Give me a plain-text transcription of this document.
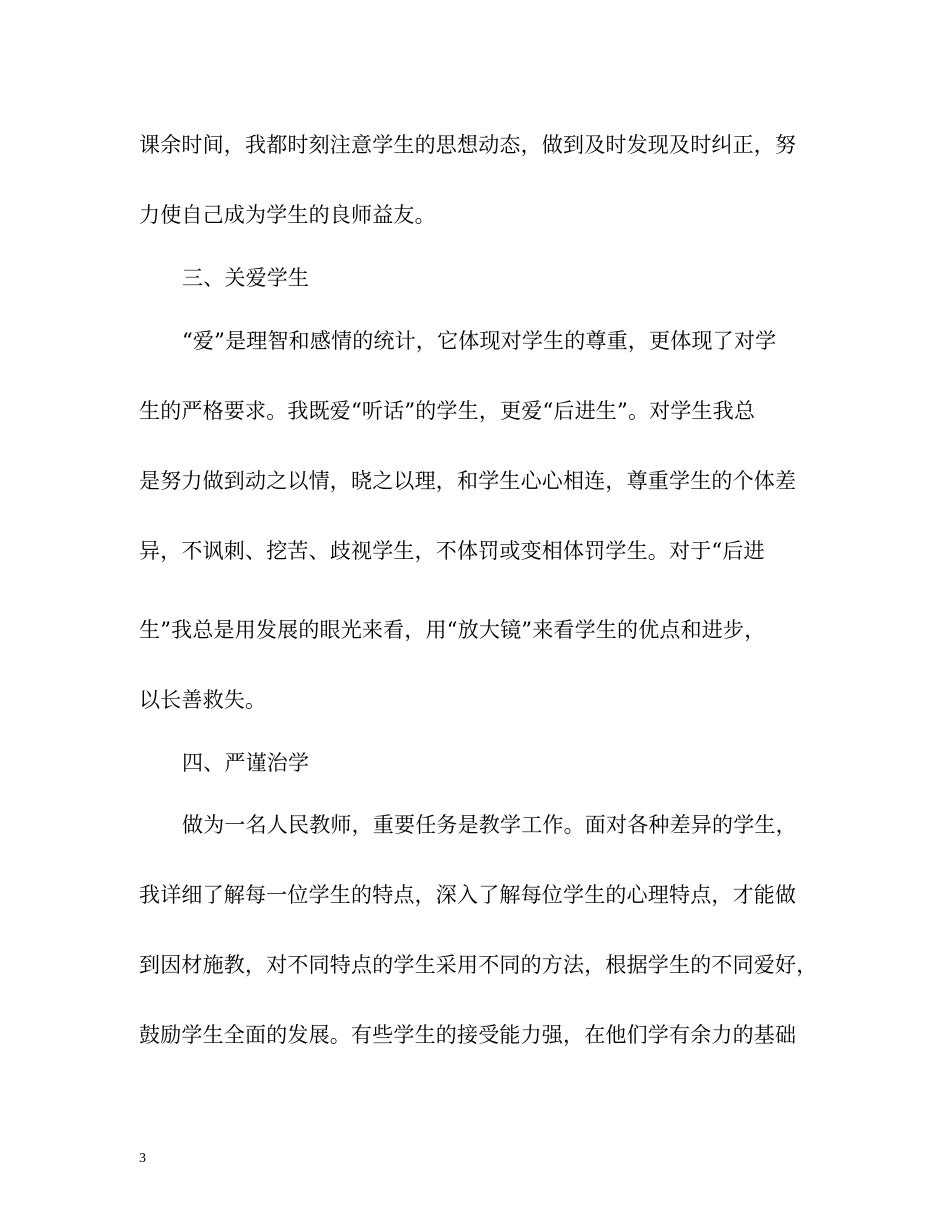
课余时间，我都时刻注意学生的思想动态，做到及时发现及时纠正，努
力使自己成为学生的良师益友。
三、关爱学生
“爱”是理智和感情的统计，它体现对学生的尊重，更体现了对学
生的严格要求。我既爱“听话”的学生，更爱“后进生”。对学生我总
是努力做到动之以情，晓之以理，和学生心心相连，尊重学生的个体差
异，不讽刺、挖苦、歧视学生，不体罚或变相体罚学生。对于“后进
生”我总是用发展的眼光来看，用“放大镜”来看学生的优点和进步，
以长善救失。
四、严谨治学
做为一名人民教师，重要任务是教学工作。面对各种差异的学生，
我详细了解每一位学生的特点，深入了解每位学生的心理特点，才能做
到因材施教，对不同特点的学生采用不同的方法，根据学生的不同爱好，
鼓励学生全面的发展。有些学生的接受能力强，在他们学有余力的基础
3
